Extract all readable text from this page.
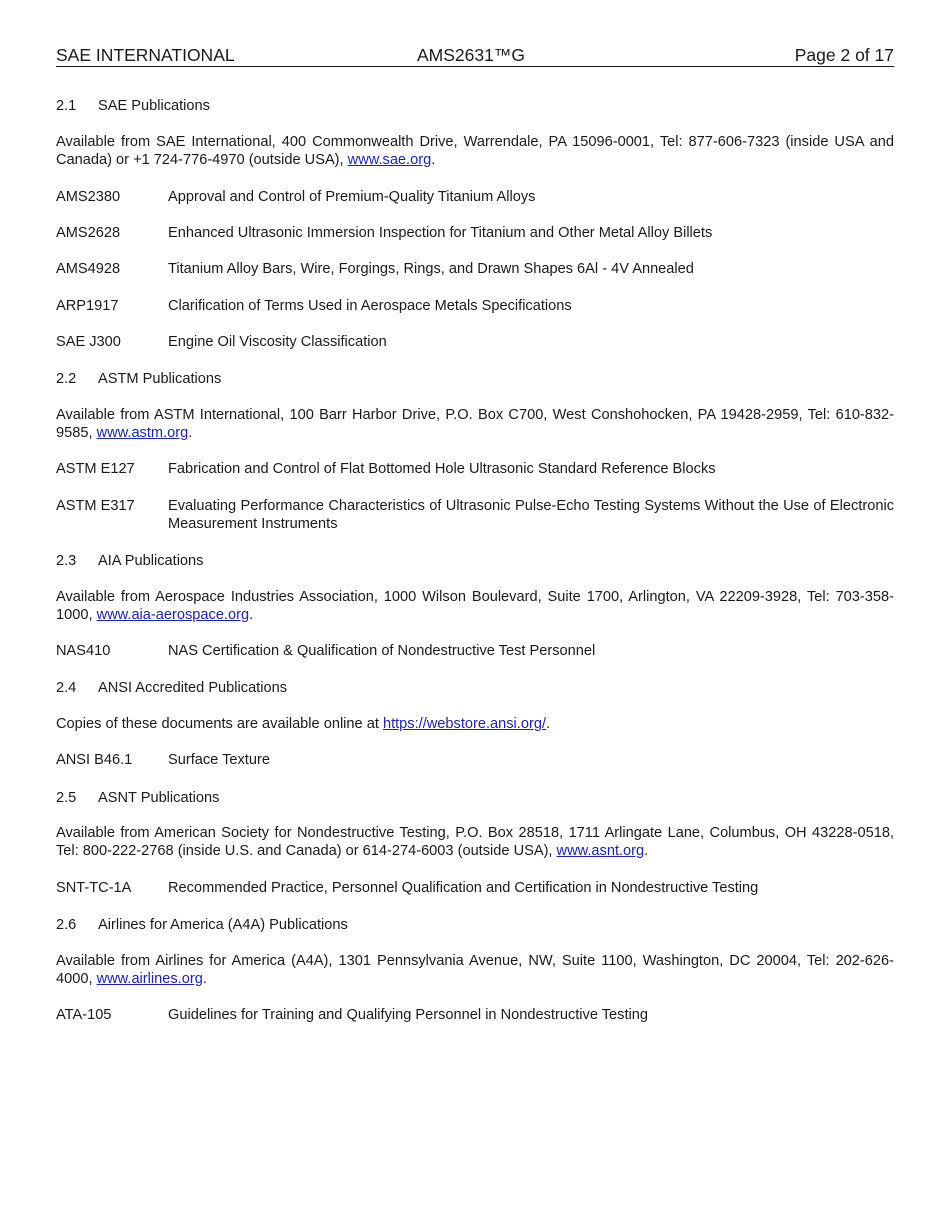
SAE INTERNATIONAL	AMS2631™G	Page 2 of 17
2.1 SAE Publications
Available from SAE International, 400 Commonwealth Drive, Warrendale, PA 15096-0001, Tel: 877-606-7323 (inside USA and Canada) or +1 724-776-4970 (outside USA), www.sae.org.
AMS2380	Approval and Control of Premium-Quality Titanium Alloys
AMS2628	Enhanced Ultrasonic Immersion Inspection for Titanium and Other Metal Alloy Billets
AMS4928	Titanium Alloy Bars, Wire, Forgings, Rings, and Drawn Shapes 6Al - 4V Annealed
ARP1917	Clarification of Terms Used in Aerospace Metals Specifications
SAE J300	Engine Oil Viscosity Classification
2.2 ASTM Publications
Available from ASTM International, 100 Barr Harbor Drive, P.O. Box C700, West Conshohocken, PA 19428-2959, Tel: 610-832-9585, www.astm.org.
ASTM E127 Fabrication and Control of Flat Bottomed Hole Ultrasonic Standard Reference Blocks
ASTM E317 Evaluating Performance Characteristics of Ultrasonic Pulse-Echo Testing Systems Without the Use of Electronic Measurement Instruments
2.3 AIA Publications
Available from Aerospace Industries Association, 1000 Wilson Boulevard, Suite 1700, Arlington, VA 22209-3928, Tel: 703-358-1000, www.aia-aerospace.org.
NAS410	NAS Certification & Qualification of Nondestructive Test Personnel
2.4 ANSI Accredited Publications
Copies of these documents are available online at https://webstore.ansi.org/.
ANSI B46.1 Surface Texture
2.5 ASNT Publications
Available from American Society for Nondestructive Testing, P.O. Box 28518, 1711 Arlingate Lane, Columbus, OH 43228-0518, Tel: 800-222-2768 (inside U.S. and Canada) or 614-274-6003 (outside USA), www.asnt.org.
SNT-TC-1A	Recommended Practice, Personnel Qualification and Certification in Nondestructive Testing
2.6 Airlines for America (A4A) Publications
Available from Airlines for America (A4A), 1301 Pennsylvania Avenue, NW, Suite 1100, Washington, DC 20004, Tel: 202-626-4000, www.airlines.org.
ATA-105	Guidelines for Training and Qualifying Personnel in Nondestructive Testing
